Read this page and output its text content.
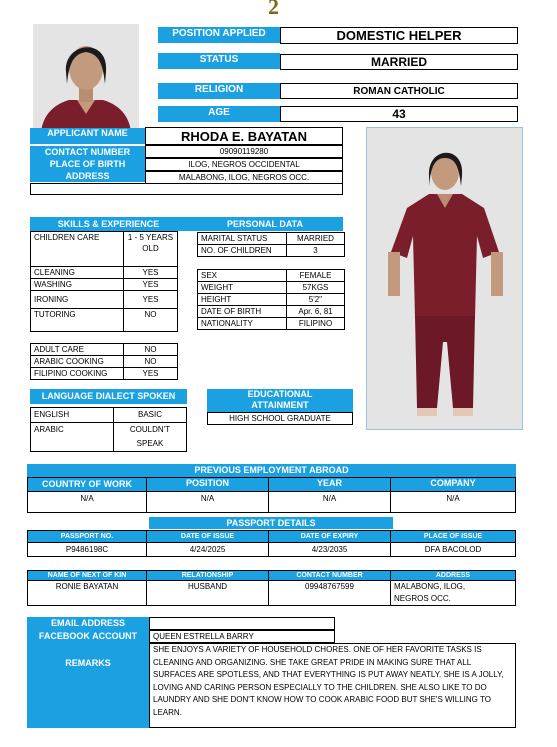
2
POSITION APPLIED	DOMESTIC HELPER
STATUS	MARRIED
RELIGION	ROMAN CATHOLIC
AGE	43
APPLICANT NAME	RHODA E. BAYATAN
CONTACT NUMBER	09090119280
PLACE OF BIRTH	ILOG, NEGROS OCCIDENTAL
ADDRESS	MALABONG, ILOG, NEGROS OCC.
SKILLS & EXPERIENCE
CHILDREN CARE	1 - 5 YEARS OLD
CLEANING	YES
WASHING	YES
IRONING	YES
TUTORING	NO
ADULT CARE	NO
ARABIC COOKING	NO
FILIPINO COOKING	YES
PERSONAL DATA
MARITAL STATUS	MARRIED
NO. OF CHILDREN	3
SEX	FEMALE
WEIGHT	57KGS
HEIGHT	5'2''
DATE OF BIRTH	Apr. 6, 81
NATIONALITY	FILIPINO
LANGUAGE DIALECT SPOKEN
ENGLISH	BASIC
ARABIC	COULDN'T SPEAK
EDUCATIONAL ATTAINMENT
HIGH SCHOOL GRADUATE
PREVIOUS EMPLOYMENT ABROAD
COUNTRY OF WORK	POSITION	YEAR	COMPANY
N/A	N/A	N/A	N/A
PASSPORT DETAILS
PASSPORT NO.	DATE OF ISSUE	DATE OF EXPIRY	PLACE OF ISSUE
P9486198C	4/24/2025	4/23/2035	DFA BACOLOD
NAME OF NEXT OF KIN	RELATIONSHIP	CONTACT NUMBER	ADDRESS
RONIE BAYATAN	HUSBAND	09948767599	MALABONG, ILOG, NEGROS OCC.
EMAIL ADDRESS
FACEBOOK ACCOUNT	QUEEN ESTRELLA BARRY
REMARKS
SHE ENJOYS A VARIETY OF HOUSEHOLD CHORES. ONE OF HER FAVORITE TASKS IS CLEANING AND ORGANIZING. SHE TAKE GREAT PRIDE IN MAKING SURE THAT ALL SURFACES ARE SPOTLESS, AND THAT EVERYTHING IS PUT AWAY NEATLY. SHE IS A JOLLY, LOVING AND CARING PERSON ESPECIALLY TO THE CHILDREN. SHE ALSO LIKE TO DO LAUNDRY AND SHE DON'T KNOW HOW TO COOK ARABIC FOOD BUT SHE'S WILLING TO LEARN.
